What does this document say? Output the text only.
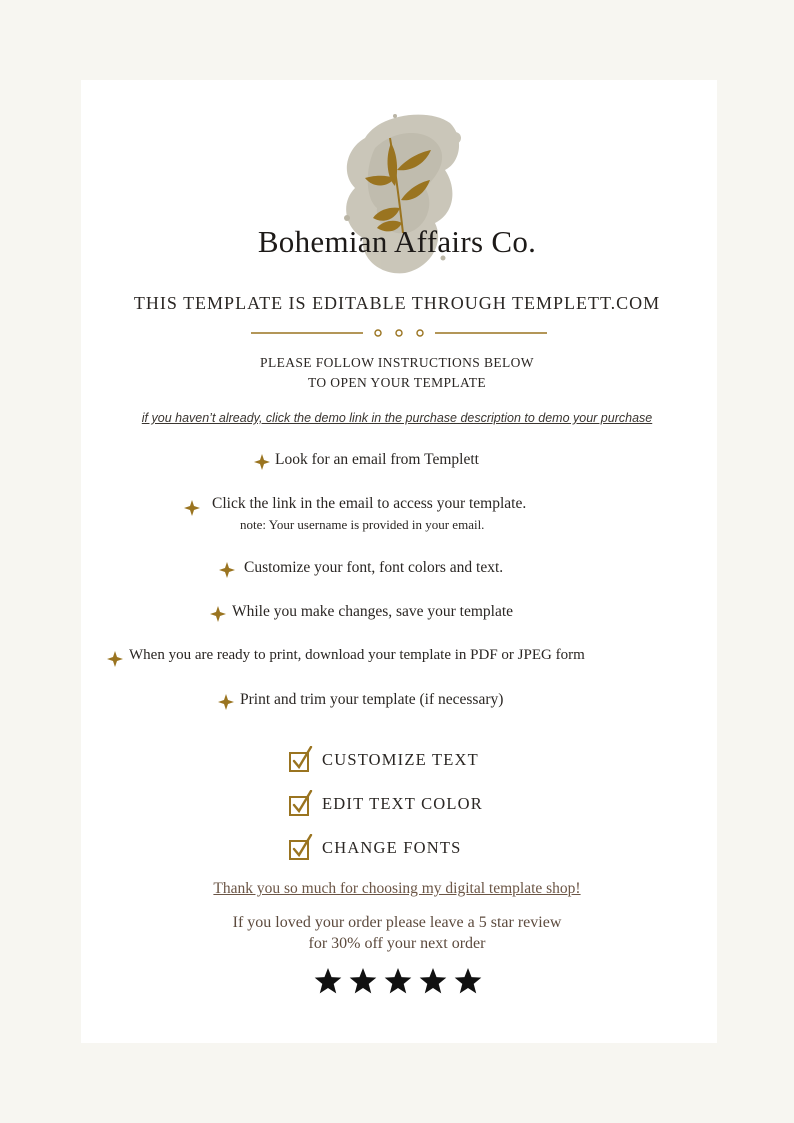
Bohemian Affairs Co.
THIS TEMPLATE IS EDITABLE THROUGH TEMPLETT.COM
PLEASE FOLLOW INSTRUCTIONS BELOW
TO OPEN YOUR TEMPLATE
if you haven’t already, click the demo link in the purchase description to demo your purchase
Look for an email from Templett
Click the link in the email to access your template.
note: Your username is provided in your email.
Customize your font, font colors and text.
While you make changes, save your template
When you are ready to print, download your template in PDF or JPEG form
Print and trim your template (if necessary)
CUSTOMIZE TEXT
EDIT TEXT COLOR
CHANGE FONTS
Thank you so much for choosing my digital template shop!
If you loved your order please leave a 5 star review
for 30% off your next order
